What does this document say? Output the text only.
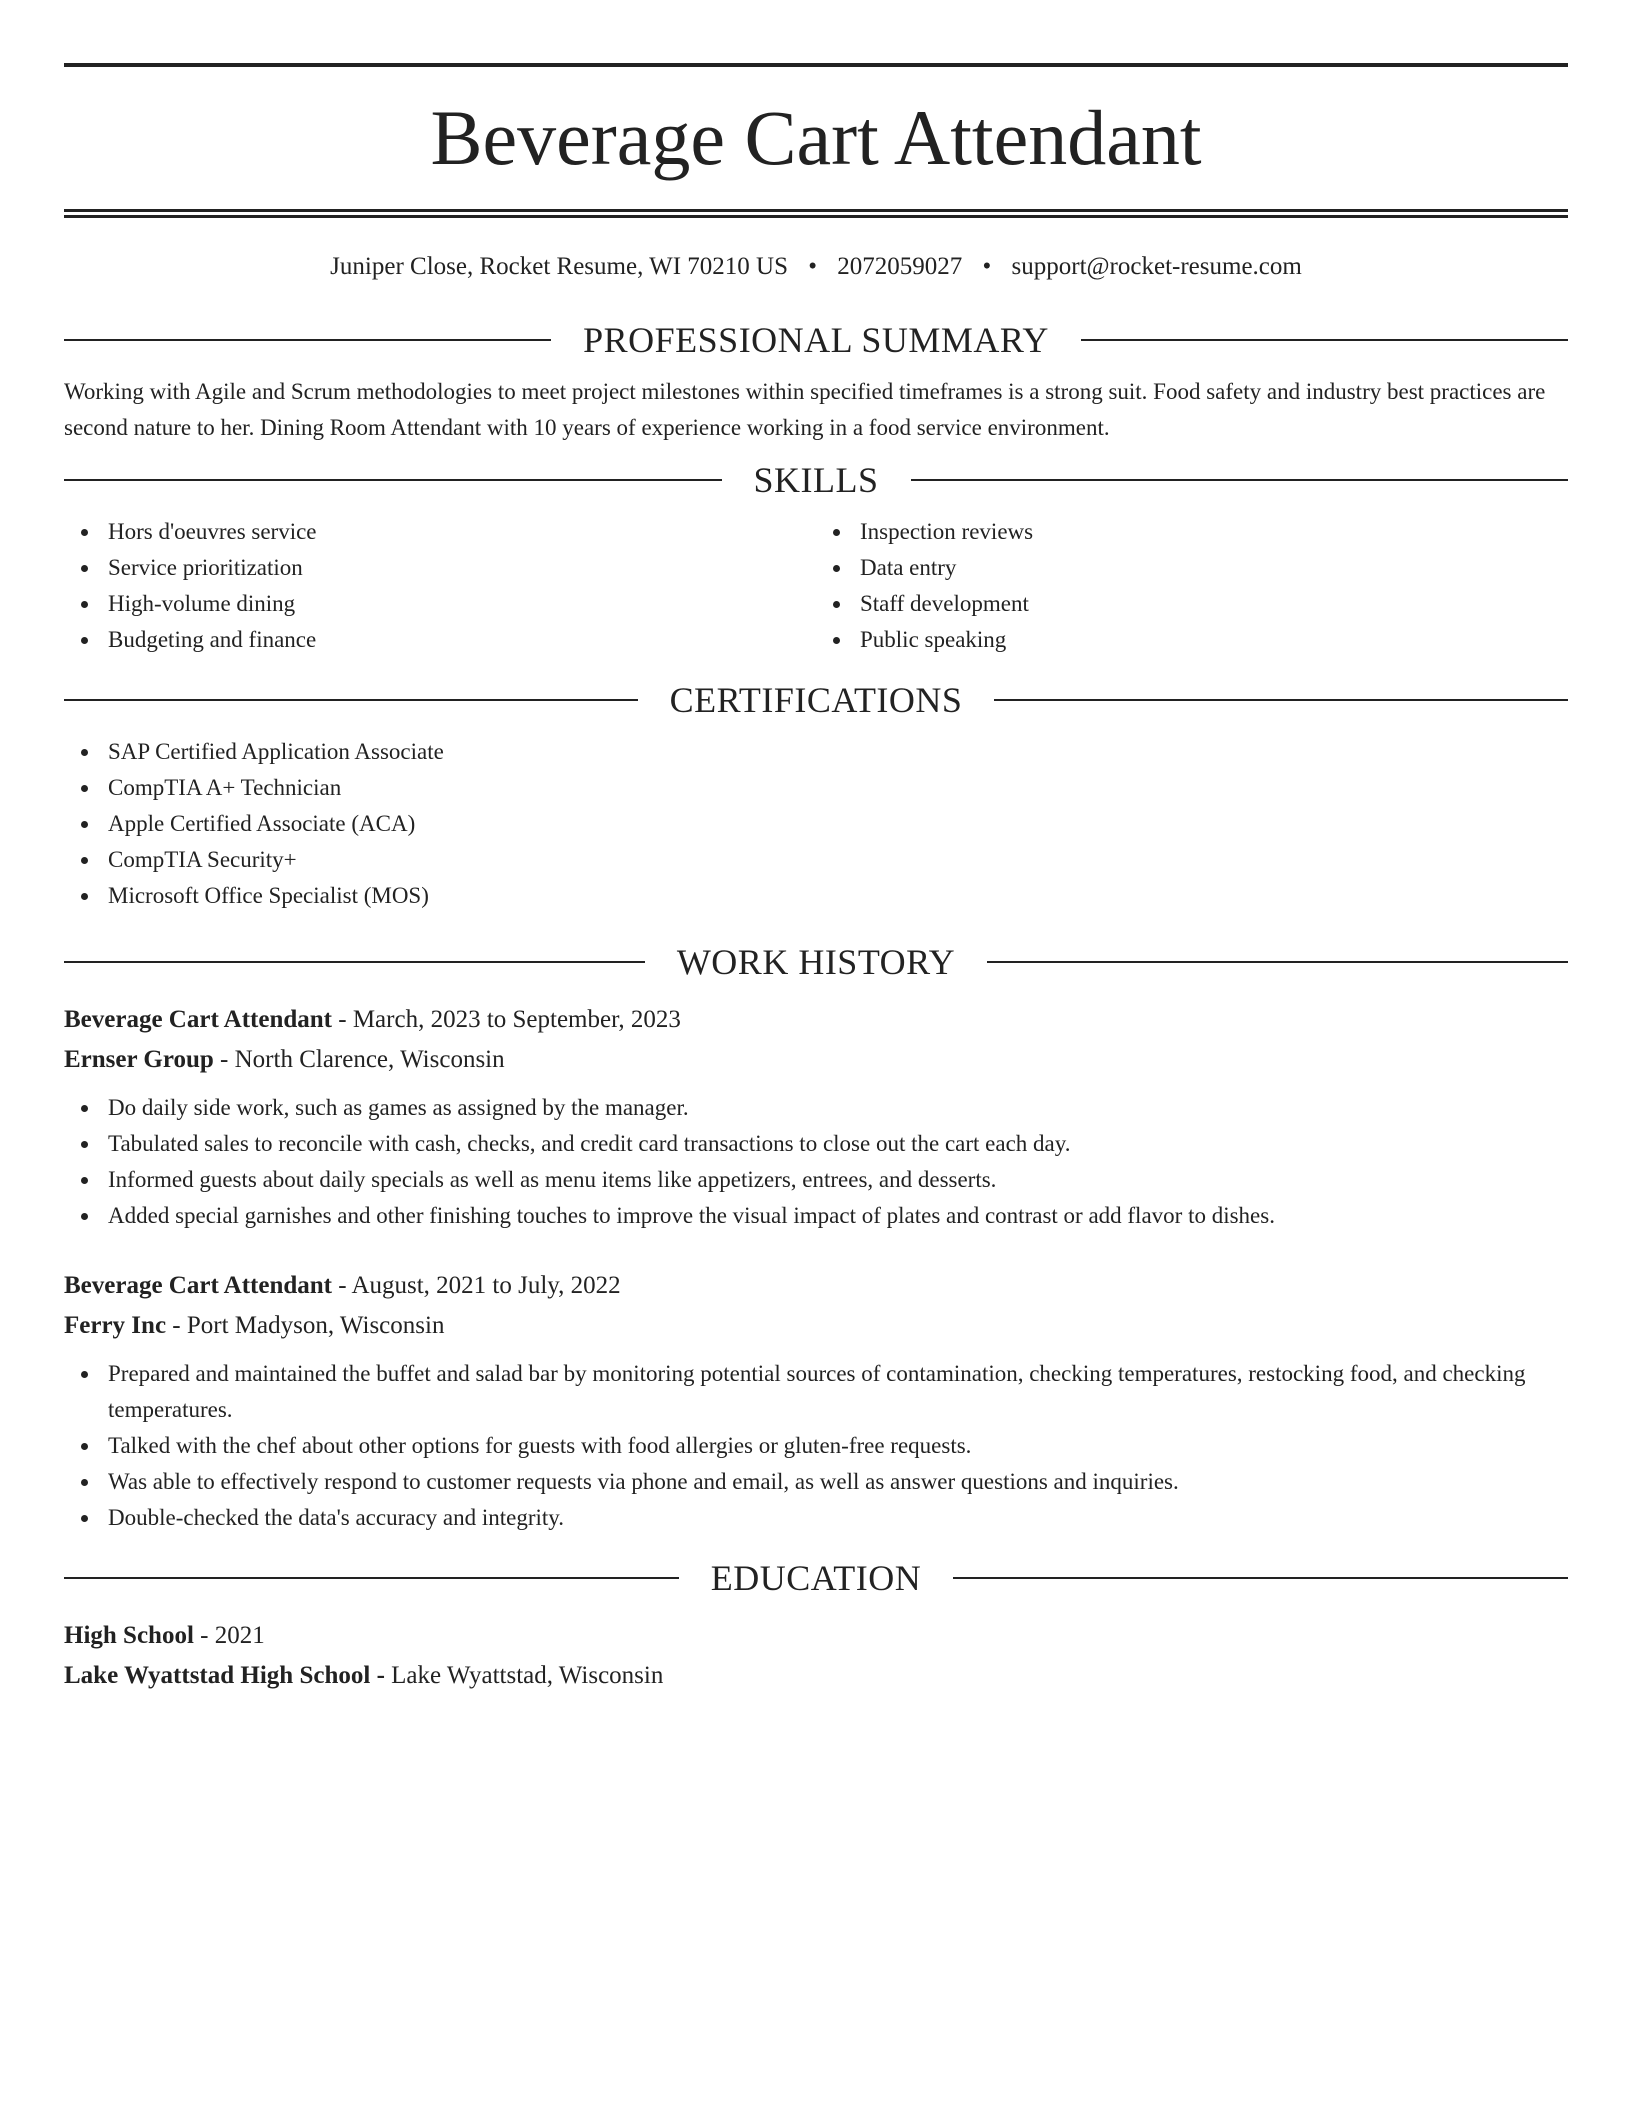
Beverage Cart Attendant
Juniper Close, Rocket Resume, WI 70210 US • 2072059027 • support@rocket-resume.com
PROFESSIONAL SUMMARY

Working with Agile and Scrum methodologies to meet project milestones within specified timeframes is a strong suit. Food safety and industry best practices are second nature to her. Dining Room Attendant with 10 years of experience working in a food service environment.

SKILLS
Hors d'oeuvres service
Service prioritization
High-volume dining
Budgeting and finance
Inspection reviews
Data entry
Staff development
Public speaking
CERTIFICATIONS
SAP Certified Application Associate
CompTIA A+ Technician
Apple Certified Associate (ACA)
CompTIA Security+
Microsoft Office Specialist (MOS)
WORK HISTORY
Beverage Cart Attendant - March, 2023 to September, 2023
Ernser Group - North Clarence, Wisconsin
Do daily side work, such as games as assigned by the manager.
Tabulated sales to reconcile with cash, checks, and credit card transactions to close out the cart each day.
Informed guests about daily specials as well as menu items like appetizers, entrees, and desserts.
Added special garnishes and other finishing touches to improve the visual impact of plates and contrast or add flavor to dishes.
Beverage Cart Attendant - August, 2021 to July, 2022
Ferry Inc - Port Madyson, Wisconsin
Prepared and maintained the buffet and salad bar by monitoring potential sources of contamination, checking temperatures, restocking food, and checking temperatures.
Talked with the chef about other options for guests with food allergies or gluten-free requests.
Was able to effectively respond to customer requests via phone and email, as well as answer questions and inquiries.
Double-checked the data's accuracy and integrity.
EDUCATION
High School - 2021
Lake Wyattstad High School - Lake Wyattstad, Wisconsin
